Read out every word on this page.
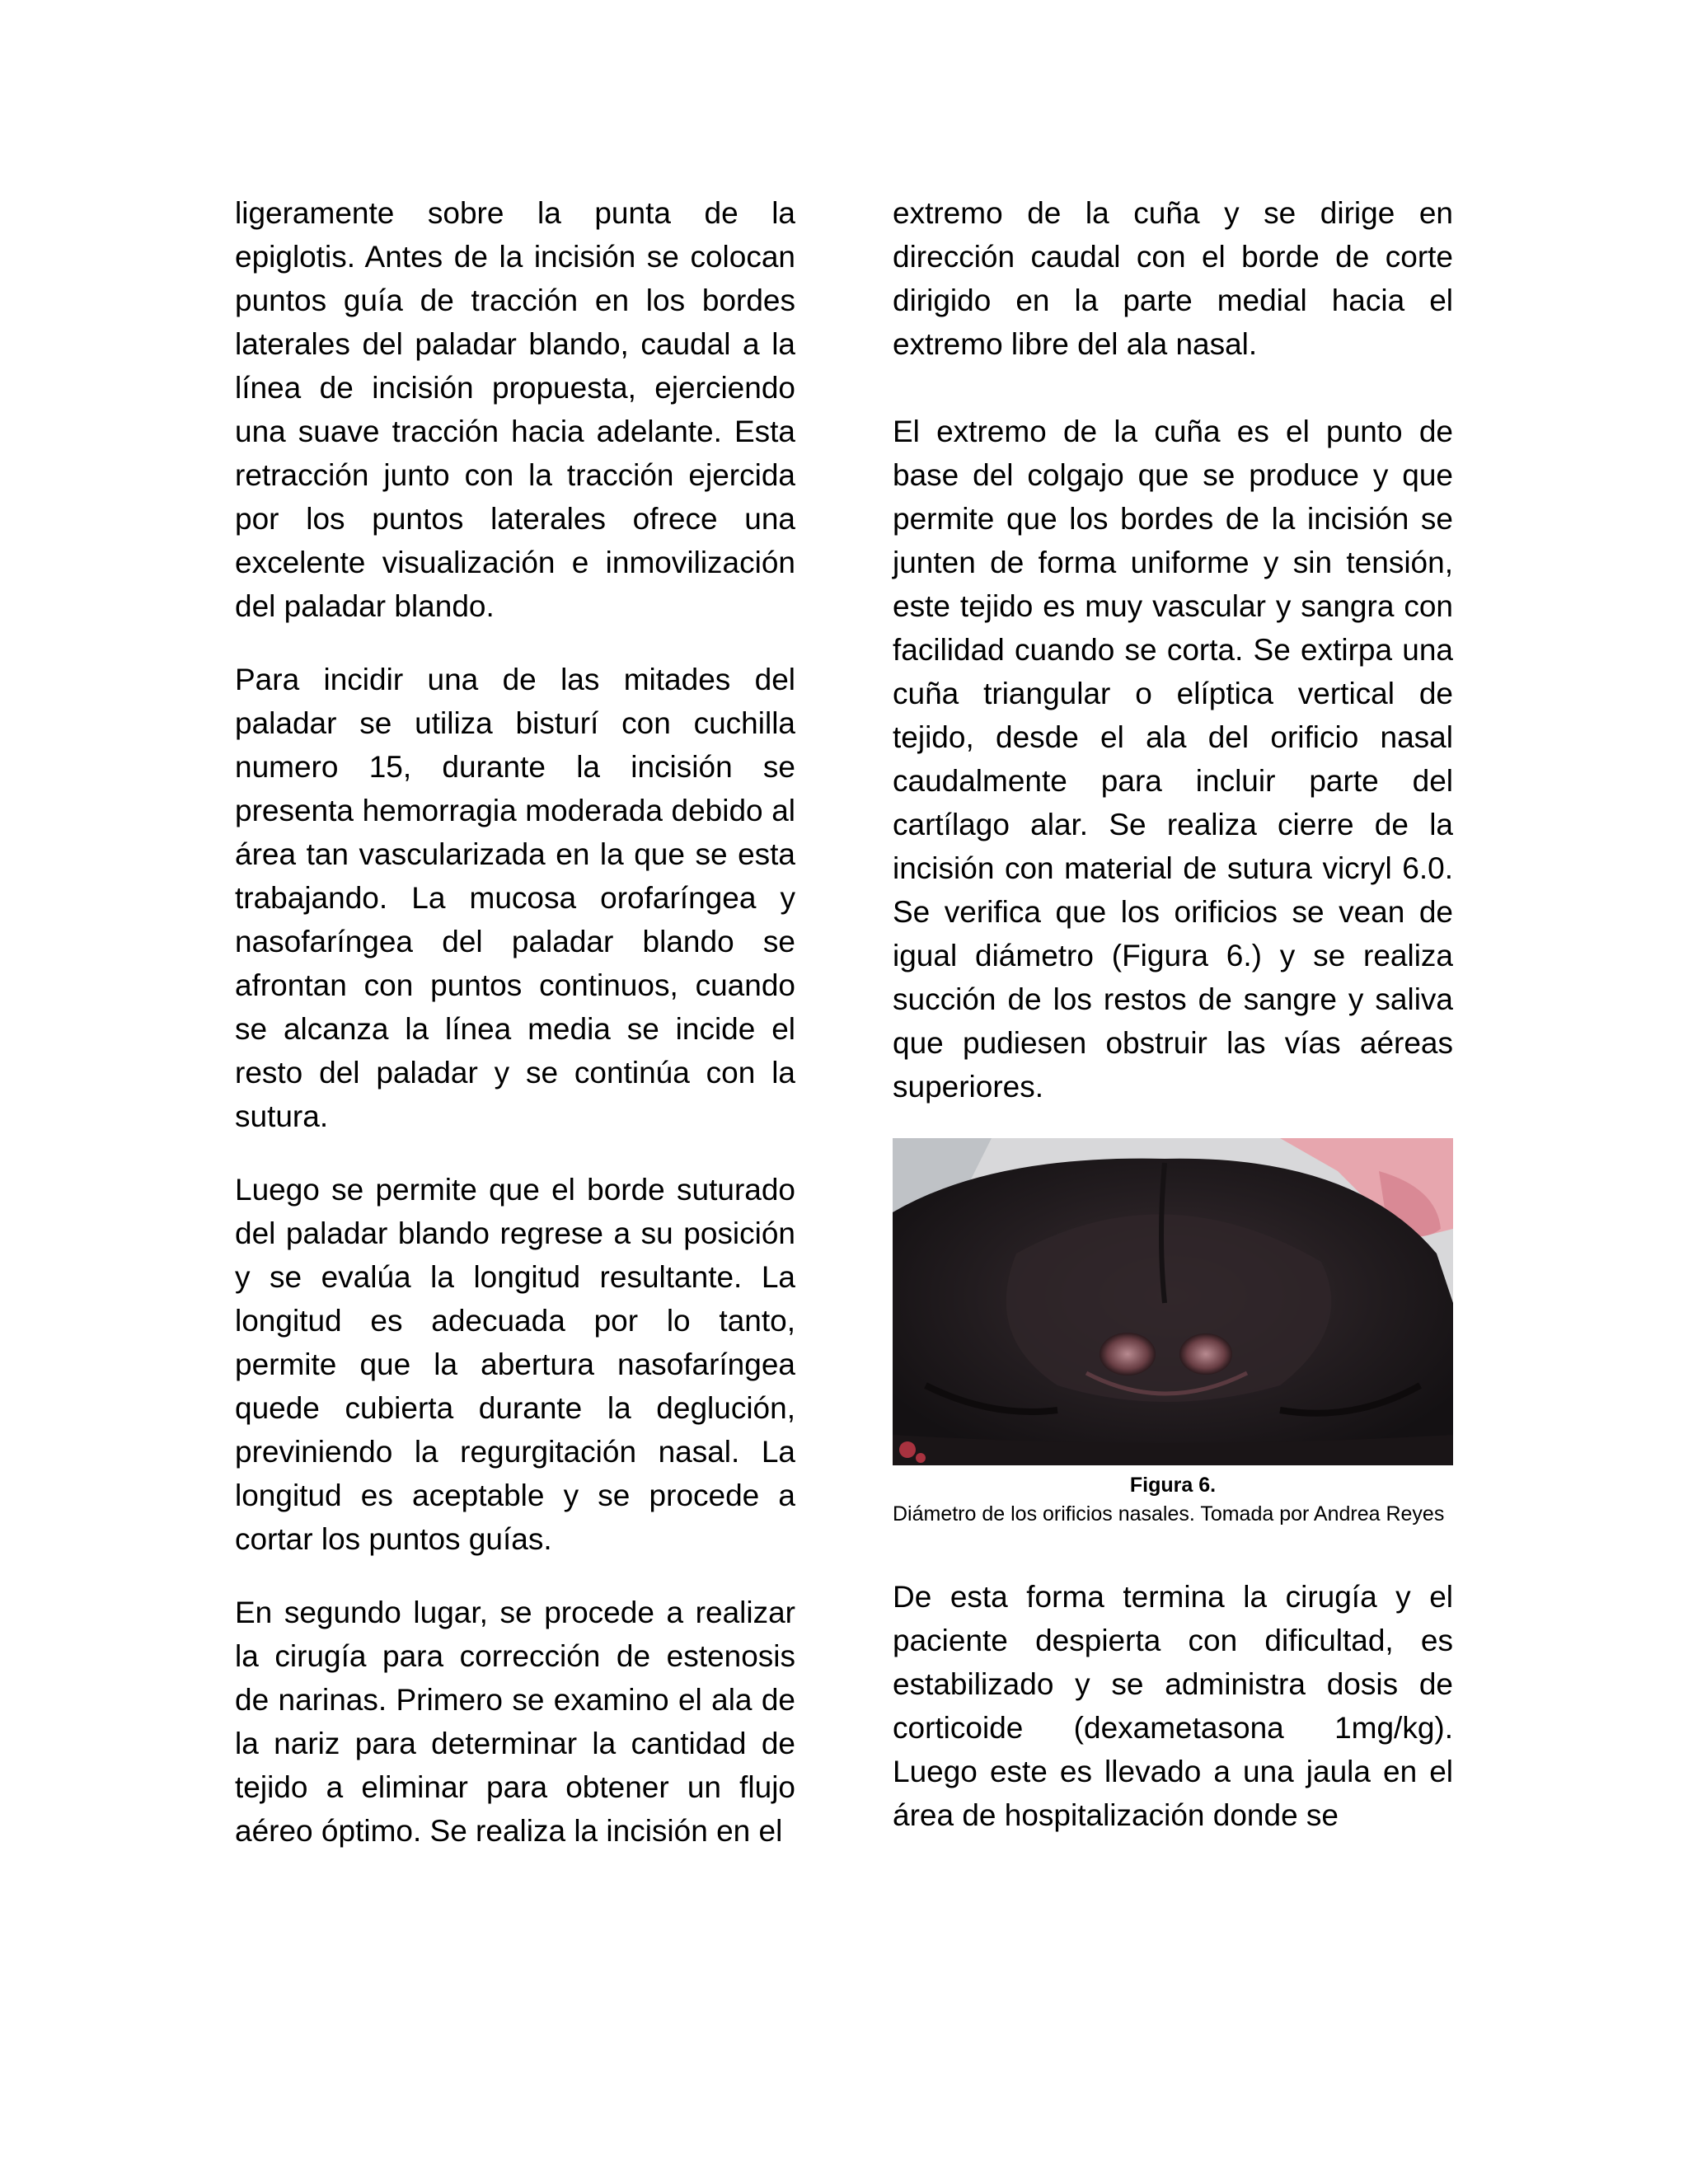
ligeramente sobre la punta de la epiglotis. Antes de la incisión se colocan puntos guía de tracción en los bordes laterales del paladar blando, caudal a la línea de incisión propuesta, ejerciendo una suave tracción hacia adelante. Esta retracción junto con la tracción ejercida por los puntos laterales ofrece una excelente visualización e inmovilización del paladar blando.

Para incidir una de las mitades del paladar se utiliza bisturí con cuchilla numero 15, durante la incisión se presenta hemorragia moderada debido al área tan vascularizada en la que se esta trabajando. La mucosa orofaríngea y nasofaríngea del paladar blando se afrontan con puntos continuos, cuando se alcanza la línea media se incide el resto del paladar y se continúa con la sutura.

Luego se permite que el borde suturado del paladar blando regrese a su posición y se evalúa la longitud resultante. La longitud es adecuada por lo tanto, permite que la abertura nasofaríngea quede cubierta durante la deglución, previniendo la regurgitación nasal. La longitud es aceptable y se procede a cortar los puntos guías.

En segundo lugar, se procede a realizar la cirugía para corrección de estenosis de narinas. Primero se examino el ala de la nariz para determinar la cantidad de tejido a eliminar para obtener un flujo aéreo óptimo. Se realiza la incisión en el

extremo de la cuña y se dirige en dirección caudal con el borde de corte dirigido en la parte medial hacia el extremo libre del ala nasal.

El extremo de la cuña es el punto de base del colgajo que se produce y que permite que los bordes de la incisión se junten de forma uniforme y sin tensión, este tejido es muy vascular y sangra con facilidad cuando se corta. Se extirpa una cuña triangular o elíptica vertical de tejido, desde el ala del orificio nasal caudalmente para incluir parte del cartílago alar. Se realiza cierre de la incisión con material de sutura vicryl 6.0. Se verifica que los orificios se vean de igual diámetro (Figura 6.) y se realiza succión de los restos de sangre y saliva que pudiesen obstruir las vías aéreas superiores.

Figura 6.

Diámetro de los orificios nasales. Tomada por Andrea Reyes

De esta forma termina la cirugía y el paciente despierta con dificultad, es estabilizado y se administra dosis de corticoide (dexametasona 1mg/kg). Luego este es llevado a una jaula en el área de hospitalización donde se
